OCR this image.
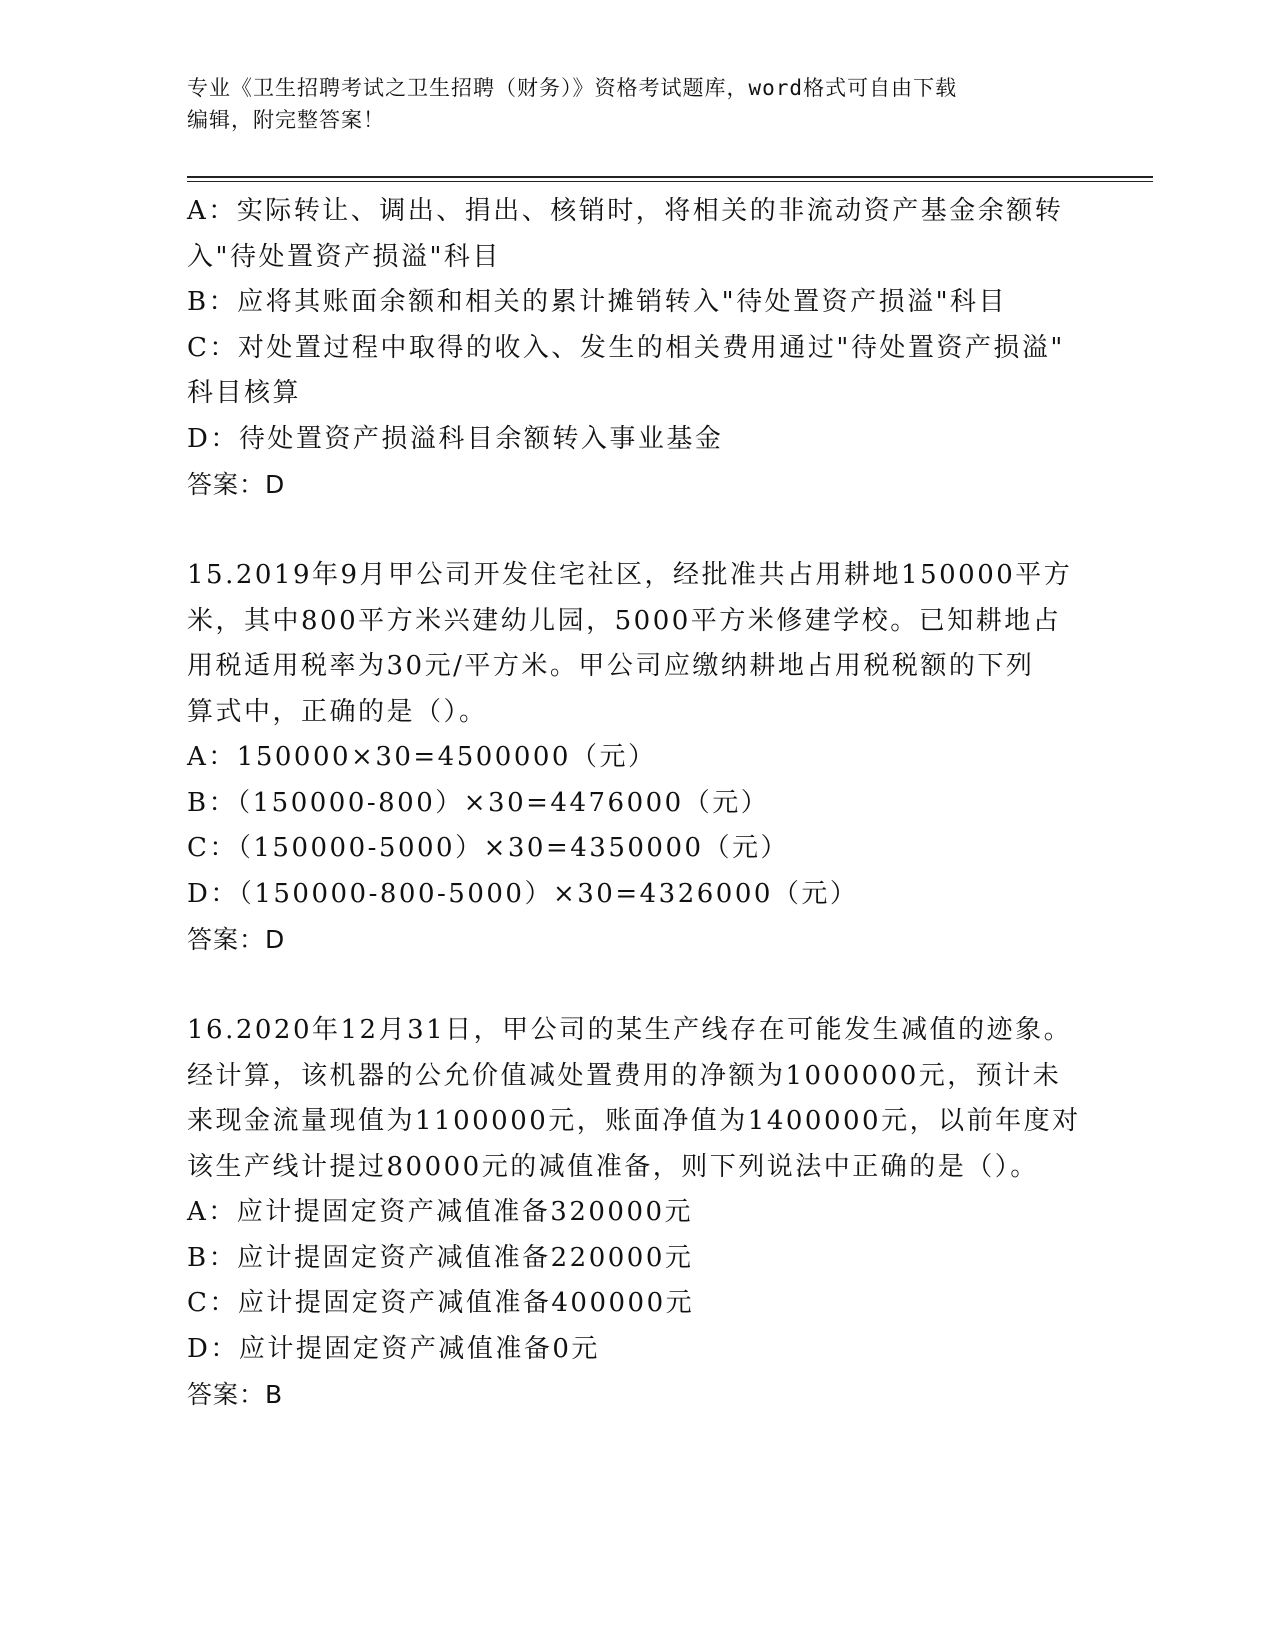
专业《卫生招聘考试之卫生招聘（财务）》资格考试题库，word格式可自由下载
编辑，附完整答案！
A：实际转让、调出、捐出、核销时，将相关的非流动资产基金余额转
入"待处置资产损溢"科目
B：应将其账面余额和相关的累计摊销转入"待处置资产损溢"科目
C：对处置过程中取得的收入、发生的相关费用通过"待处置资产损溢"
科目核算
D：待处置资产损溢科目余额转入事业基金
答案：D
15.2019年9月甲公司开发住宅社区，经批准共占用耕地150000平方
米，其中800平方米兴建幼儿园，5000平方米修建学校。已知耕地占
用税适用税率为30元/平方米。甲公司应缴纳耕地占用税税额的下列
算式中，正确的是（）。
A：150000×30=4500000（元）
B：（150000-800）×30=4476000（元）
C：（150000-5000）×30=4350000（元）
D：（150000-800-5000）×30=4326000（元）
答案：D
16.2020年12月31日，甲公司的某生产线存在可能发生减值的迹象。
经计算，该机器的公允价值减处置费用的净额为1000000元，预计未
来现金流量现值为1100000元，账面净值为1400000元，以前年度对
该生产线计提过80000元的减值准备，则下列说法中正确的是（）。
A：应计提固定资产减值准备320000元
B：应计提固定资产减值准备220000元
C：应计提固定资产减值准备400000元
D：应计提固定资产减值准备0元
答案：B
